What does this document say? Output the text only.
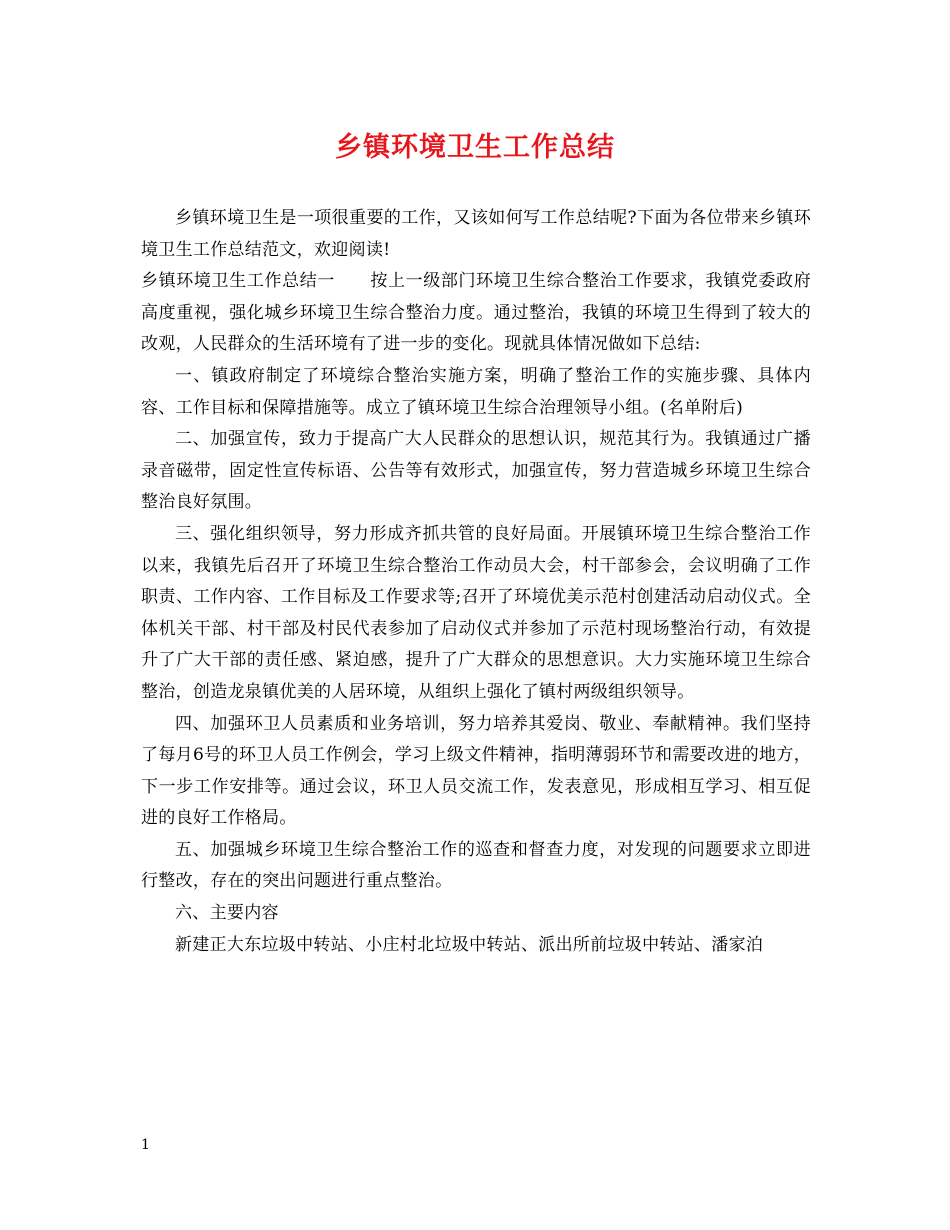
乡镇环境卫生工作总结

乡镇环境卫生是一项很重要的工作，又该如何写工作总结呢?下面为各位带来乡镇环境卫生工作总结范文，欢迎阅读!

乡镇环境卫生工作总结一　　按上一级部门环境卫生综合整治工作要求，我镇党委政府高度重视，强化城乡环境卫生综合整治力度。通过整治，我镇的环境卫生得到了较大的改观，人民群众的生活环境有了进一步的变化。现就具体情况做如下总结:

一、镇政府制定了环境综合整治实施方案，明确了整治工作的实施步骤、具体内容、工作目标和保障措施等。成立了镇环境卫生综合治理领导小组。(名单附后)

二、加强宣传，致力于提高广大人民群众的思想认识，规范其行为。我镇通过广播录音磁带，固定性宣传标语、公告等有效形式，加强宣传，努力营造城乡环境卫生综合整治良好氛围。

三、强化组织领导，努力形成齐抓共管的良好局面。开展镇环境卫生综合整治工作以来，我镇先后召开了环境卫生综合整治工作动员大会，村干部参会，会议明确了工作职责、工作内容、工作目标及工作要求等;召开了环境优美示范村创建活动启动仪式。全体机关干部、村干部及村民代表参加了启动仪式并参加了示范村现场整治行动，有效提升了广大干部的责任感、紧迫感，提升了广大群众的思想意识。大力实施环境卫生综合整治，创造龙泉镇优美的人居环境，从组织上强化了镇村两级组织领导。

四、加强环卫人员素质和业务培训，努力培养其爱岗、敬业、奉献精神。我们坚持了每月6号的环卫人员工作例会，学习上级文件精神，指明薄弱环节和需要改进的地方，下一步工作安排等。通过会议，环卫人员交流工作，发表意见，形成相互学习、相互促进的良好工作格局。

五、加强城乡环境卫生综合整治工作的巡查和督查力度，对发现的问题要求立即进行整改，存在的突出问题进行重点整治。

六、主要内容

新建正大东垃圾中转站、小庄村北垃圾中转站、派出所前垃圾中转站、潘家泊

1
